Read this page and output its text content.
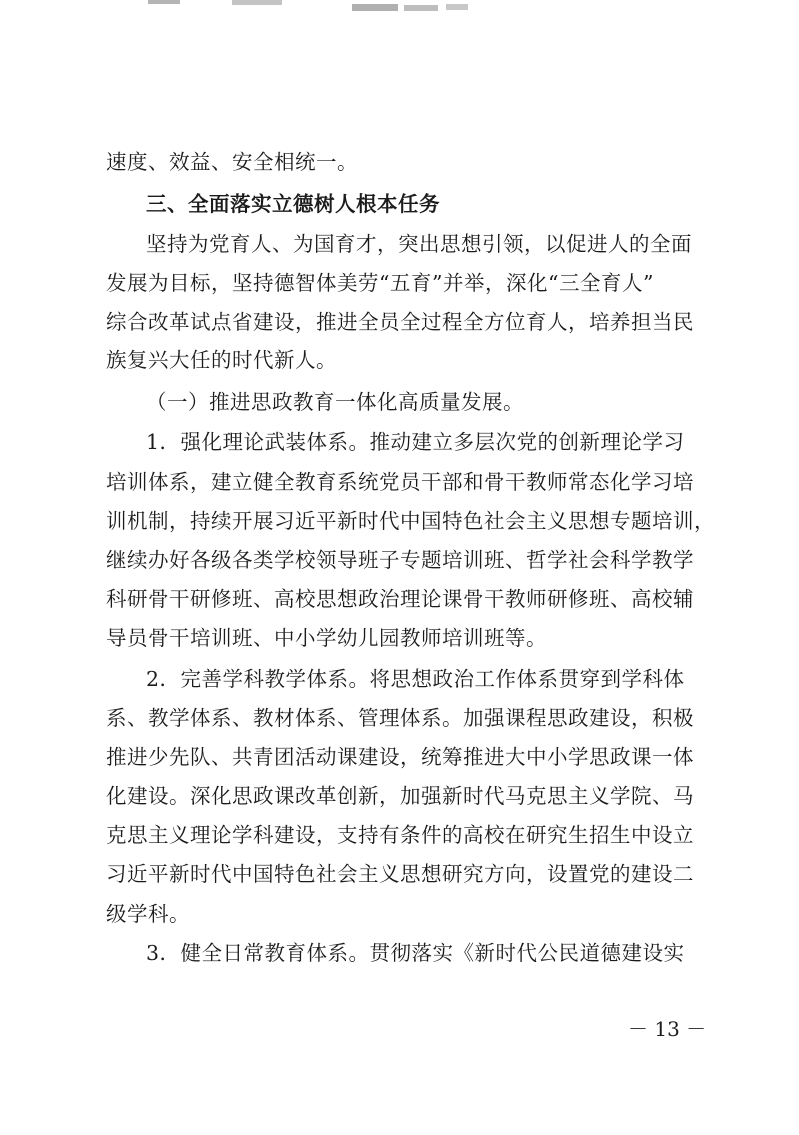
速度、效益、安全相统一。
三、全面落实立德树人根本任务
坚持为党育人、为国育才，突出思想引领，以促进人的全面
发展为目标，坚持德智体美劳“五育”并举，深化“三全育人”
综合改革试点省建设，推进全员全过程全方位育人，培养担当民
族复兴大任的时代新人。
（一）推进思政教育一体化高质量发展。
1．强化理论武装体系。推动建立多层次党的创新理论学习
培训体系，建立健全教育系统党员干部和骨干教师常态化学习培
训机制，持续开展习近平新时代中国特色社会主义思想专题培训，
继续办好各级各类学校领导班子专题培训班、哲学社会科学教学
科研骨干研修班、高校思想政治理论课骨干教师研修班、高校辅
导员骨干培训班、中小学幼儿园教师培训班等。
2．完善学科教学体系。将思想政治工作体系贯穿到学科体
系、教学体系、教材体系、管理体系。加强课程思政建设，积极
推进少先队、共青团活动课建设，统筹推进大中小学思政课一体
化建设。深化思政课改革创新，加强新时代马克思主义学院、马
克思主义理论学科建设，支持有条件的高校在研究生招生中设立
习近平新时代中国特色社会主义思想研究方向，设置党的建设二
级学科。
3．健全日常教育体系。贯彻落实《新时代公民道德建设实
－ 13 －
